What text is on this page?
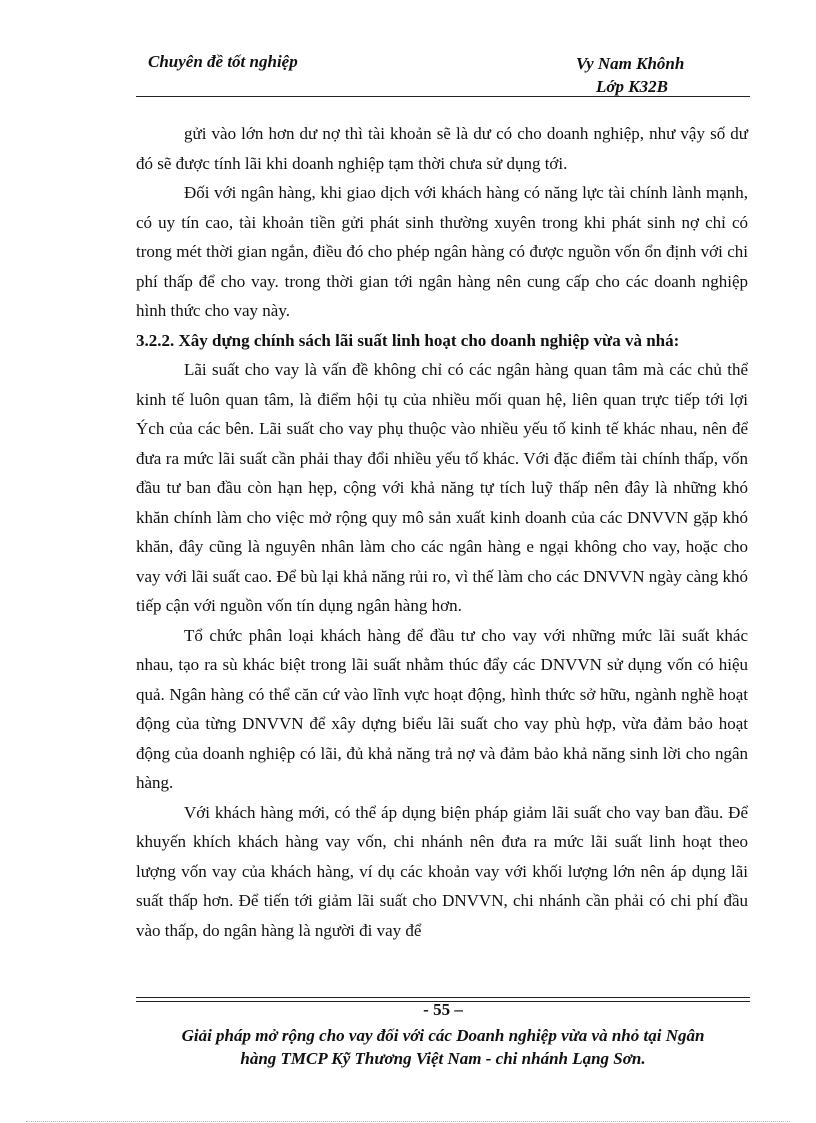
Chuyên đề tốt nghiệp	Vy Nam Khônh
Lớp K32B

gửi vào lớn hơn dư nợ thì tài khoản sẽ là dư có cho doanh nghiệp, như vậy số dư đó sẽ được tính lãi khi doanh nghiệp tạm thời chưa sử dụng tới.

Đối với ngân hàng, khi giao dịch với khách hàng có năng lực tài chính lành mạnh, có uy tín cao, tài khoản tiền gửi phát sinh thường xuyên trong khi phát sinh nợ chỉ có trong mét thời gian ngắn, điều đó cho phép ngân hàng có được nguồn vốn ổn định với chi phí thấp để cho vay. trong thời gian tới ngân hàng nên cung cấp cho các doanh nghiệp hình thức cho vay này.

3.2.2. Xây dựng chính sách lãi suất linh hoạt cho doanh nghiệp vừa và nhá:

Lãi suất cho vay là vấn đề không chỉ có các ngân hàng quan tâm mà các chủ thể kinh tế luôn quan tâm, là điểm hội tụ của nhiều mối quan hệ, liên quan trực tiếp tới lợi Ých của các bên. Lãi suất cho vay phụ thuộc vào nhiều yếu tố kinh tế khác nhau, nên để đưa ra mức lãi suất cần phải thay đổi nhiều yếu tố khác. Với đặc điểm tài chính thấp, vốn đầu tư ban đầu còn hạn hẹp, cộng với khả năng tự tích luỹ thấp nên đây là những khó khăn chính làm cho việc mở rộng quy mô sản xuất kinh doanh của các DNVVN gặp khó khăn, đây cũng là nguyên nhân làm cho các ngân hàng e ngại không cho vay, hoặc cho vay với lãi suất cao. Để bù lại khả năng rủi ro, vì thế làm cho các DNVVN ngày càng khó tiếp cận với nguồn vốn tín dụng ngân hàng hơn.

Tổ chức phân loại khách hàng để đầu tư cho vay với những mức lãi suất khác nhau, tạo ra sù khác biệt trong lãi suất nhằm thúc đẩy các DNVVN sử dụng vốn có hiệu quả. Ngân hàng có thể căn cứ vào lĩnh vực hoạt động, hình thức sở hữu, ngành nghề hoạt động của từng DNVVN để xây dựng biểu lãi suất cho vay phù hợp, vừa đảm bảo hoạt động của doanh nghiệp có lãi, đủ khả năng trả nợ và đảm bảo khả năng sinh lời cho ngân hàng.

Với khách hàng mới, có thể áp dụng biện pháp giảm lãi suất cho vay ban đầu. Để khuyến khích khách hàng vay vốn, chi nhánh nên đưa ra mức lãi suất linh hoạt theo lượng vốn vay của khách hàng, ví dụ các khoản vay với khối lượng lớn nên áp dụng lãi suất thấp hơn. Để tiến tới giảm lãi suất cho DNVVN, chi nhánh cần phải có chi phí đầu vào thấp, do ngân hàng là người đi vay để

- 55 –
Giải pháp mở rộng cho vay đối với các Doanh nghiệp vừa và nhỏ tại Ngân
hàng TMCP Kỹ Thương Việt Nam - chi nhánh Lạng Sơn.
